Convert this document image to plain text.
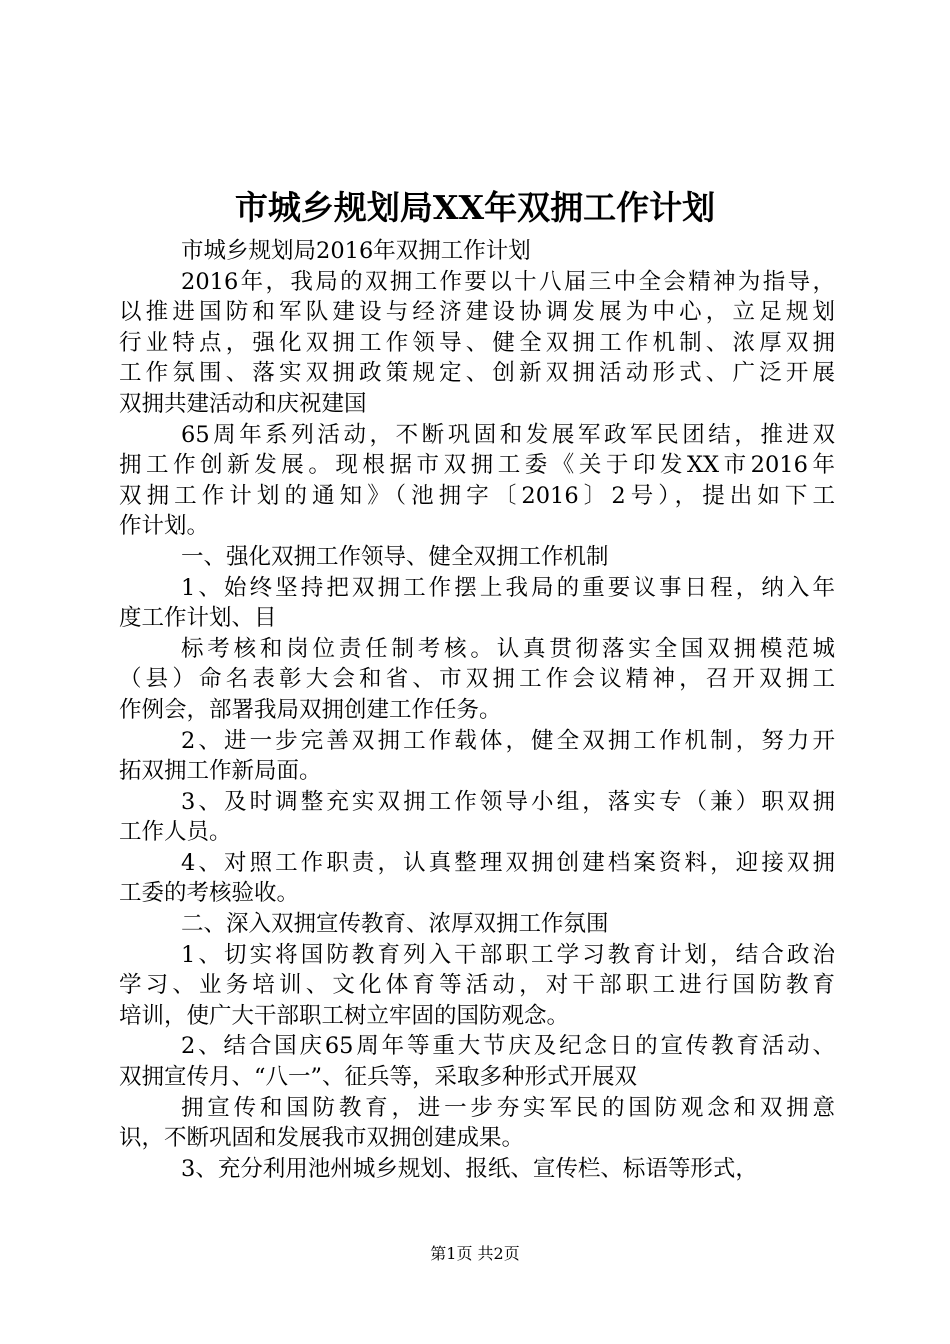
市城乡规划局XX年双拥工作计划
市城乡规划局2016年双拥工作计划
2016年，我局的双拥工作要以十八届三中全会精神为指导，
以推进国防和军队建设与经济建设协调发展为中心，立足规划
行业特点，强化双拥工作领导、健全双拥工作机制、浓厚双拥
工作氛围、落实双拥政策规定、创新双拥活动形式、广泛开展
双拥共建活动和庆祝建国
65周年系列活动，不断巩固和发展军政军民团结，推进双
拥工作创新发展。现根据市双拥工委《关于印发XX市2016年
双拥工作计划的通知》（池拥字〔2016〕2号），提出如下工
作计划。
一、强化双拥工作领导、健全双拥工作机制
1、始终坚持把双拥工作摆上我局的重要议事日程，纳入年
度工作计划、目
标考核和岗位责任制考核。认真贯彻落实全国双拥模范城
（县）命名表彰大会和省、市双拥工作会议精神，召开双拥工
作例会，部署我局双拥创建工作任务。
2、进一步完善双拥工作载体，健全双拥工作机制，努力开
拓双拥工作新局面。
3、及时调整充实双拥工作领导小组，落实专（兼）职双拥
工作人员。
4、对照工作职责，认真整理双拥创建档案资料，迎接双拥
工委的考核验收。
二、深入双拥宣传教育、浓厚双拥工作氛围
1、切实将国防教育列入干部职工学习教育计划，结合政治
学习、业务培训、文化体育等活动，对干部职工进行国防教育
培训，使广大干部职工树立牢固的国防观念。
2、结合国庆65周年等重大节庆及纪念日的宣传教育活动、
双拥宣传月、“八一”、征兵等，采取多种形式开展双
拥宣传和国防教育，进一步夯实军民的国防观念和双拥意
识，不断巩固和发展我市双拥创建成果。
3、充分利用池州城乡规划、报纸、宣传栏、标语等形式，
第1页 共2页
